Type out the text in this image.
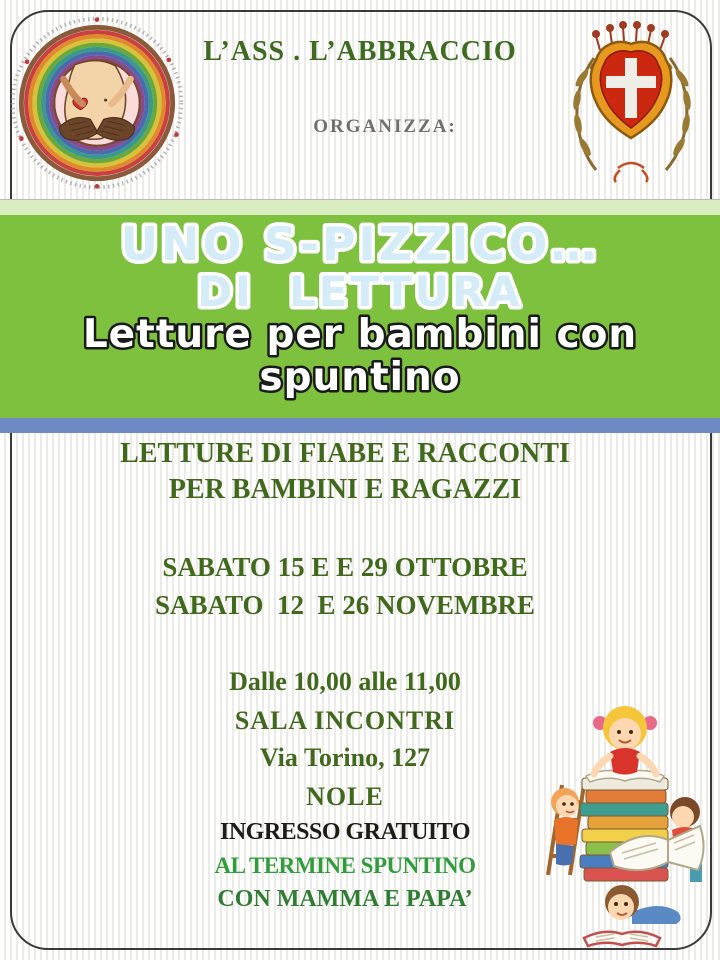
L’ASS . L’ABBRACCIO
ORGANIZZA:
UNO S-PIZZICO…
DI  LETTURA
Letture per bambini con
spuntino
LETTURE DI FIABE E RACCONTI
PER BAMBINI E RAGAZZI
SABATO 15 E E 29 OTTOBRE
SABATO  12  E 26 NOVEMBRE
Dalle 10,00 alle 11,00
SALA INCONTRI
Via Torino, 127
NOLE
INGRESSO GRATUITO
AL TERMINE SPUNTINO
CON MAMMA E PAPA’
